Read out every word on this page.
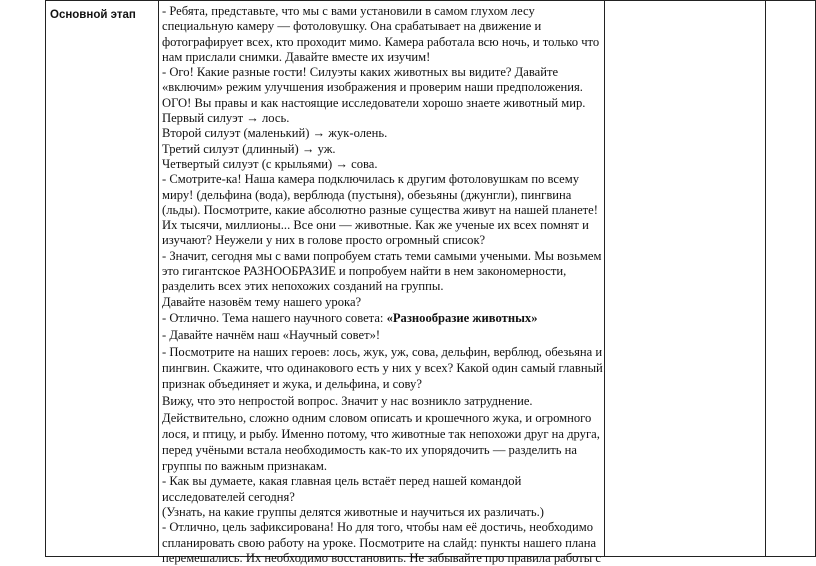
Основной этап	- Ребята, представьте, что мы с вами установили в самом глухом лесу специальную камеру — фотоловушку. Она срабатывает на движение и фотографирует всех, кто проходит мимо. Камера работала всю ночь, и только что нам прислали снимки. Давайте вместе их изучим!

- Ого! Какие разные гости! Силуэты каких животных вы видите? Давайте «включим» режим улучшения изображения и проверим наши предположения. ОГО! Вы правы и как настоящие исследователи хорошо знаете животный мир.

Первый силуэт → лось.

Второй силуэт (маленький) → жук-олень.

Третий силуэт (длинный) → уж.

Четвертый силуэт (с крыльями) → сова.

- Смотрите-ка! Наша камера подключилась к другим фотоловушкам по всему миру! (дельфина (вода), верблюда (пустыня), обезьяны (джунгли), пингвина (льды). Посмотрите, какие абсолютно разные существа живут на нашей планете! Их тысячи, миллионы... Все они — животные. Как же ученые их всех помнят и изучают? Неужели у них в голове просто огромный список?

- Значит, сегодня мы с вами попробуем стать теми самыми учеными. Мы возьмем это гигантское РАЗНООБРАЗИЕ и попробуем найти в нем закономерности, разделить всех этих непохожих созданий на группы.

Давайте назовём тему нашего урока?

- Отлично. Тема нашего научного совета: «Разнообразие животных»

- Давайте начнём наш «Научный совет»!

- Посмотрите на наших героев: лось, жук, уж, сова, дельфин, верблюд, обезьяна и пингвин. Скажите, что одинакового есть у них у всех? Какой один самый главный признак объединяет и жука, и дельфина, и сову?

Вижу, что это непростой вопрос. Значит у нас возникло затруднение.

Действительно, сложно одним словом описать и крошечного жука, и огромного лося, и птицу, и рыбу. Именно потому, что животные так непохожи друг на друга, перед учёными встала необходимость как-то их упорядочить — разделить на группы по важным признакам.

- Как вы думаете, какая главная цель встаёт перед нашей командой исследователей сегодня?

(Узнать, на какие группы делятся животные и научиться их различать.)

- Отлично, цель зафиксирована! Но для того, чтобы нам её достичь, необходимо спланировать свою работу на уроке. Посмотрите на слайд: пункты нашего плана перемешались. Их необходимо восстановить. Не забывайте про правила работы с
